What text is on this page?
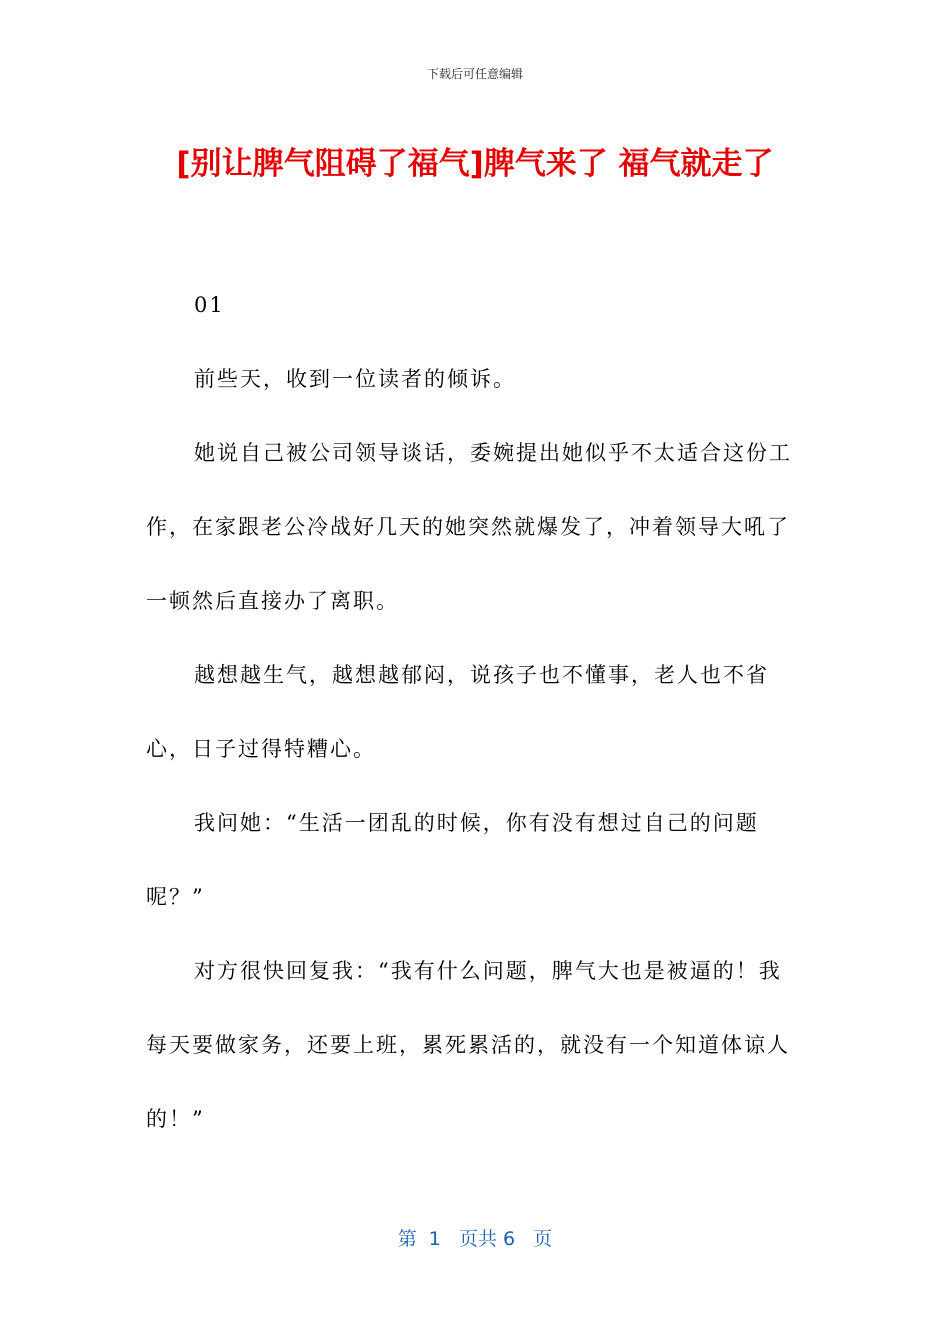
下载后可任意编辑
[别让脾气阻碍了福气]脾气来了 福气就走了

01

前些天，收到一位读者的倾诉。

她说自己被公司领导谈话，委婉提出她似乎不太适合这份工作，在家跟老公冷战好几天的她突然就爆发了，冲着领导大吼了一顿然后直接办了离职。

越想越生气，越想越郁闷，说孩子也不懂事，老人也不省心，日子过得特糟心。

我问她：“生活一团乱的时候，你有没有想过自己的问题呢？”

对方很快回复我：“我有什么问题，脾气大也是被逼的！我每天要做家务，还要上班，累死累活的，就没有一个知道体谅人的！”

第  1   页共 6   页
